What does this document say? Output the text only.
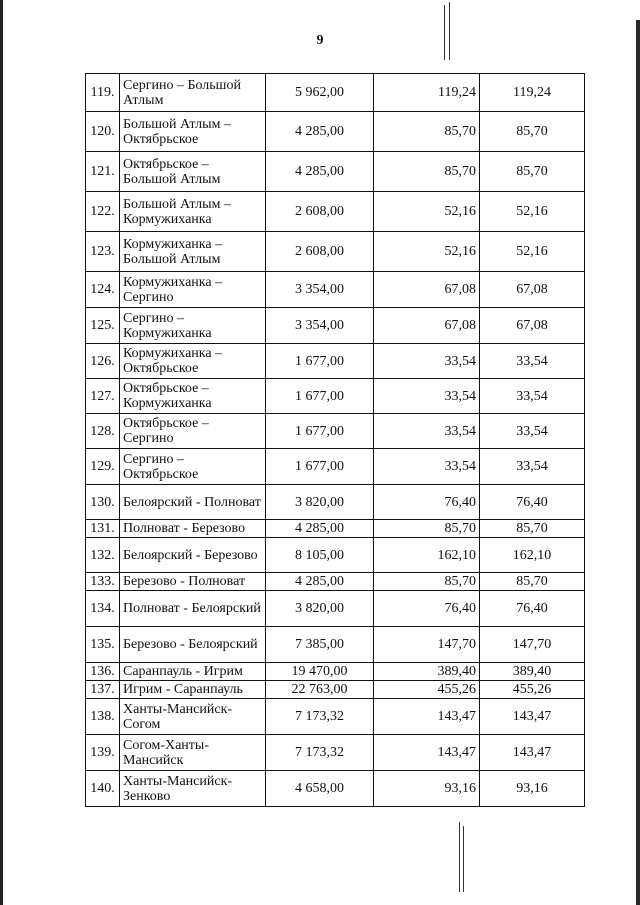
9
119.	Сергино – Большой Атлым	5 962,00	119,24	119,24
120.	Большой Атлым – Октябрьское	4 285,00	85,70	85,70
121.	Октябрьское – Большой Атлым	4 285,00	85,70	85,70
122.	Большой Атлым – Кормужиханка	2 608,00	52,16	52,16
123.	Кормужиханка – Большой Атлым	2 608,00	52,16	52,16
124.	Кормужиханка – Сергино	3 354,00	67,08	67,08
125.	Сергино – Кормужиханка	3 354,00	67,08	67,08
126.	Кормужиханка – Октябрьское	1 677,00	33,54	33,54
127.	Октябрьское – Кормужиханка	1 677,00	33,54	33,54
128.	Октябрьское – Сергино	1 677,00	33,54	33,54
129.	Сергино – Октябрьское	1 677,00	33,54	33,54
130.	Белоярский - Полноват	3 820,00	76,40	76,40
131.	Полноват - Березово	4 285,00	85,70	85,70
132.	Белоярский - Березово	8 105,00	162,10	162,10
133.	Березово - Полноват	4 285,00	85,70	85,70
134.	Полноват - Белоярский	3 820,00	76,40	76,40
135.	Березово - Белоярский	7 385,00	147,70	147,70
136.	Саранпауль - Игрим	19 470,00	389,40	389,40
137.	Игрим - Саранпауль	22 763,00	455,26	455,26
138.	Ханты-Мансийск- Согом	7 173,32	143,47	143,47
139.	Согом-Ханты- Мансийск	7 173,32	143,47	143,47
140.	Ханты-Мансийск- Зенково	4 658,00	93,16	93,16
